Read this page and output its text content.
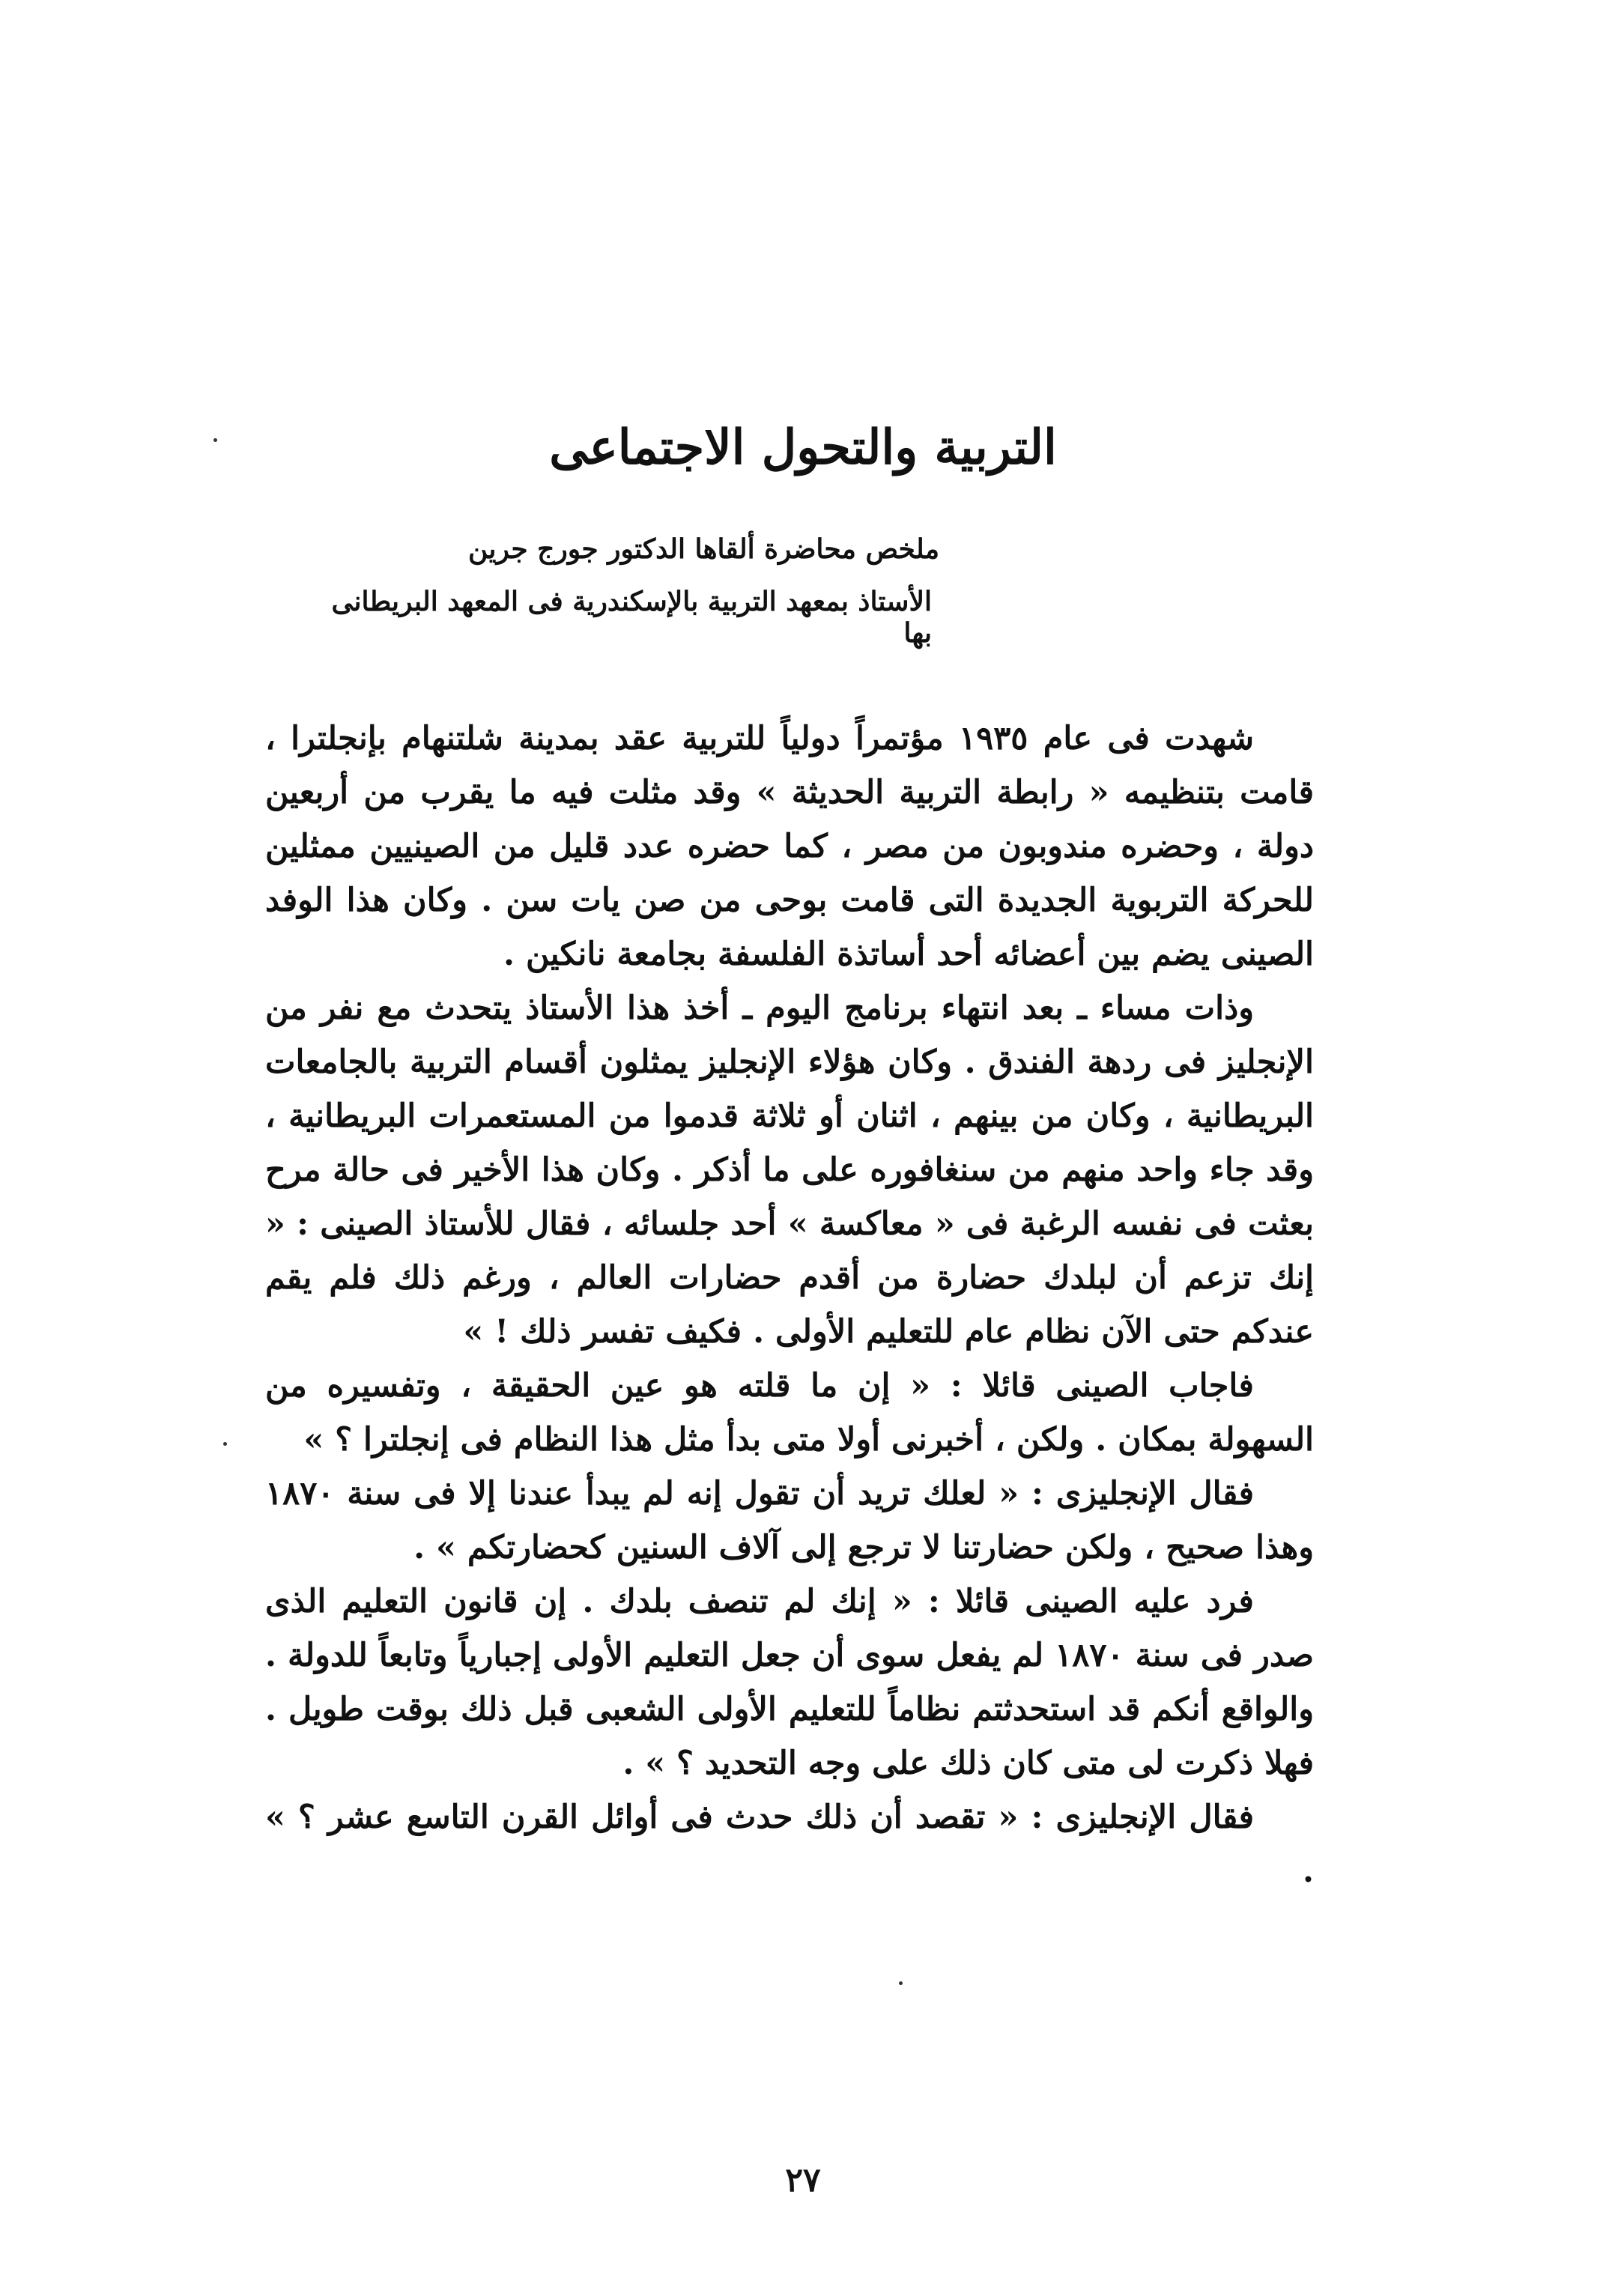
التربية والتحول الاجتماعى
ملخص محاضرة ألقاها الدكتور جورج جرين
الأستاذ بمعهد التربية بالإسكندرية فى المعهد البريطانى بها

شهدت فى عام ١٩٣٥ مؤتمراً دولياً للتربية عقد بمدينة شلتنهام بإنجلترا ، قامت بتنظيمه « رابطة التربية الحديثة » وقد مثلت فيه ما يقرب من أربعين دولة ، وحضره مندوبون من مصر ، كما حضره عدد قليل من الصينيين ممثلين للحركة التربوية الجديدة التى قامت بوحى من صن يات سن . وكان هذا الوفد الصينى يضم بين أعضائه أحد أساتذة الفلسفة بجامعة نانكين .

وذات مساء ـ بعد انتهاء برنامج اليوم ـ أخذ هذا الأستاذ يتحدث مع نفر من الإنجليز فى ردهة الفندق . وكان هؤلاء الإنجليز يمثلون أقسام التربية بالجامعات البريطانية ، وكان من بينهم ، اثنان أو ثلاثة قدموا من المستعمرات البريطانية ، وقد جاء واحد منهم من سنغافوره على ما أذكر . وكان هذا الأخير فى حالة مرح بعثت فى نفسه الرغبة فى « معاكسة » أحد جلسائه ، فقال للأستاذ الصينى : « إنك تزعم أن لبلدك حضارة من أقدم حضارات العالم ، ورغم ذلك فلم يقم عندكم حتى الآن نظام عام للتعليم الأولى . فكيف تفسر ذلك ! »

فاجاب الصينى قائلا : « إن ما قلته هو عين الحقيقة ، وتفسيره من السهولة بمكان . ولكن ، أخبرنى أولا متى بدأ مثل هذا النظام فى إنجلترا ؟ »

فقال الإنجليزى : « لعلك تريد أن تقول إنه لم يبدأ عندنا إلا فى سنة ١٨٧٠ وهذا صحيح ، ولكن حضارتنا لا ترجع إلى آلاف السنين كحضارتكم » .

فرد عليه الصينى قائلا : « إنك لم تنصف بلدك . إن قانون التعليم الذى صدر فى سنة ١٨٧٠ لم يفعل سوى أن جعل التعليم الأولى إجبارياً وتابعاً للدولة . والواقع أنكم قد استحدثتم نظاماً للتعليم الأولى الشعبى قبل ذلك بوقت طويل . فهلا ذكرت لى متى كان ذلك على وجه التحديد ؟ » .

فقال الإنجليزى : « تقصد أن ذلك حدث فى أوائل القرن التاسع عشر ؟ » .

٢٧
